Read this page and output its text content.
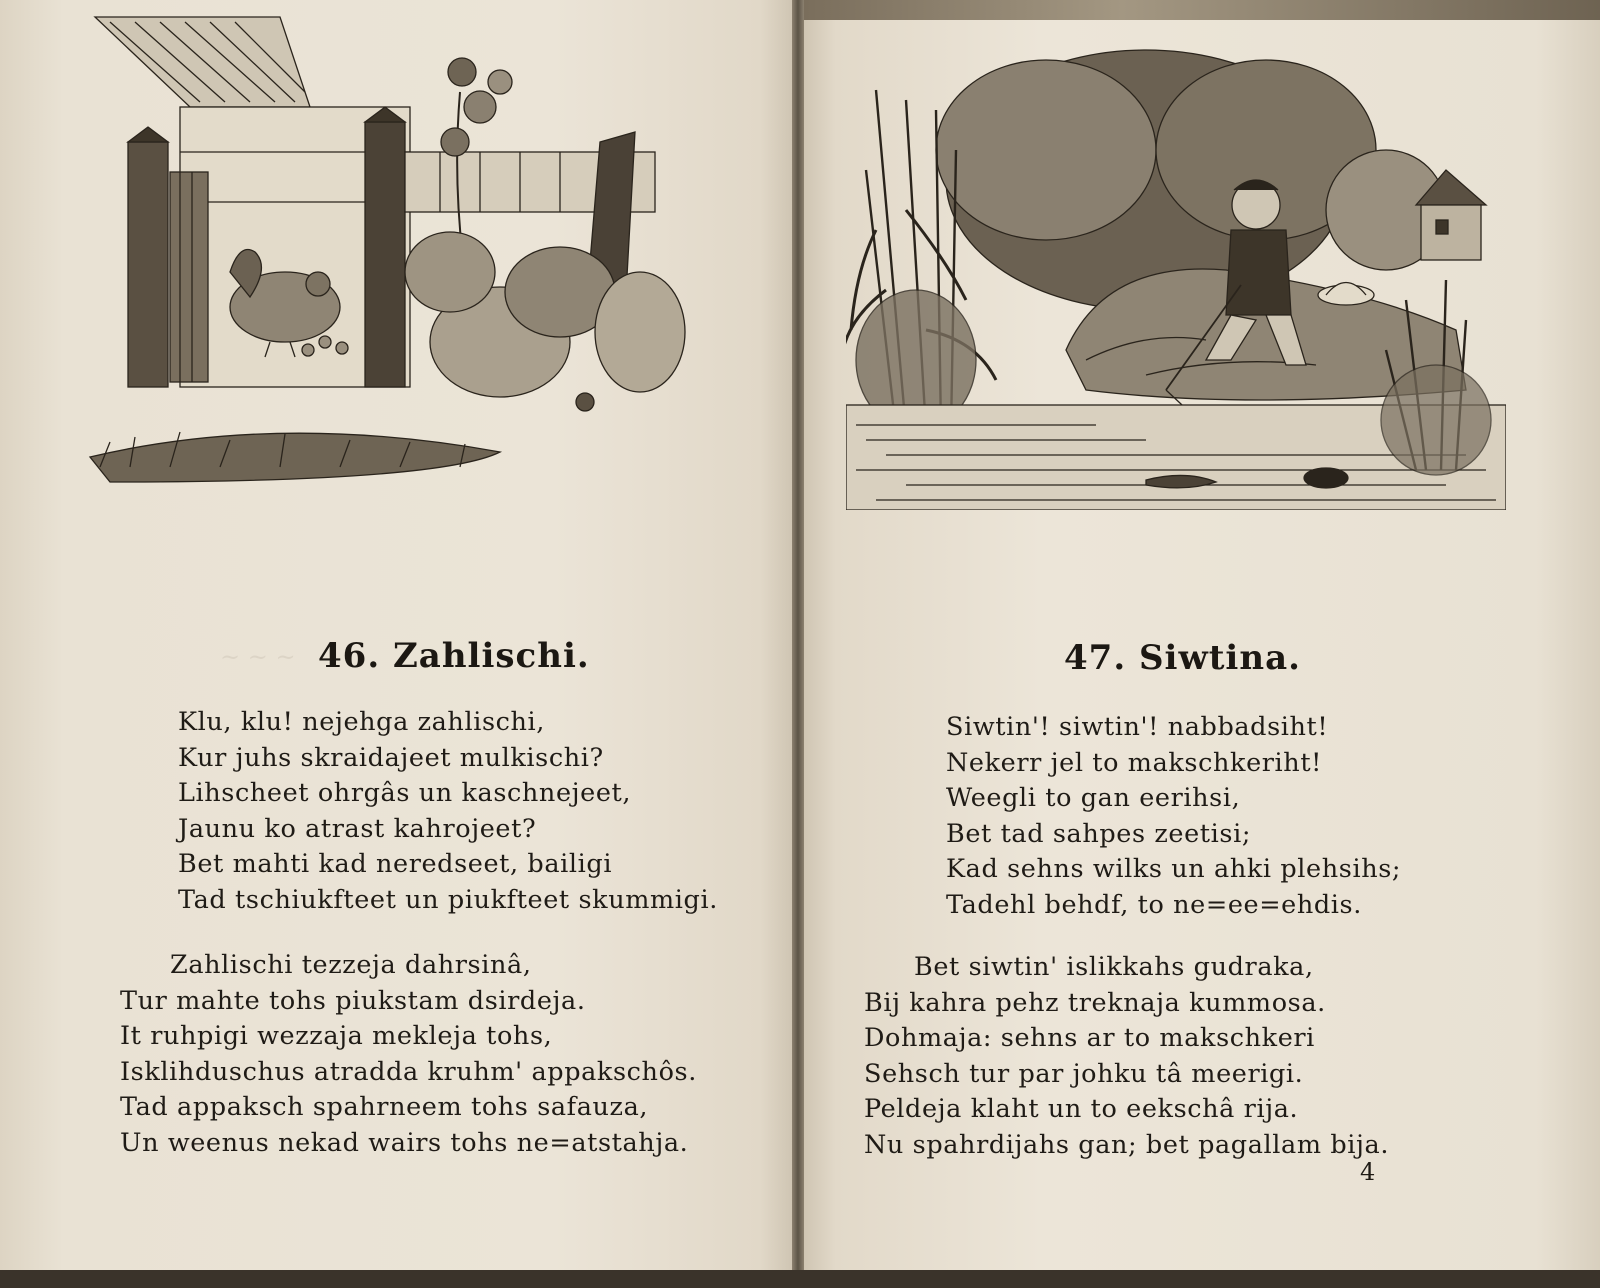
46. Zahlischi.
~ ~ ~
Klu, klu! nejehga zahlischi,
Kur juhs skraidajeet mulkischi?
Lihscheet ohrgâs un kaschnejeet,
Jaunu ko atrast kahrojeet?
Bet mahti kad neredseet, bailigi
Tad tschiukfteet un piukfteet skummigi.
Zahlischi tezzeja dahrsinâ,
Tur mahte tohs piukstam dsirdeja.
It ruhpigi wezzaja mekleja tohs,
Isklihduschus atradda kruhm' appakschôs.
Tad appaksch spahrneem tohs safauza,
Un weenus nekad wairs tohs ne=atstahja.
47. Siwtina.
Siwtin'! siwtin'! nabbadsiht!
Nekerr jel to makschkeriht!
Weegli to gan eerihsi,
Bet tad sahpes zeetisi;
Kad sehns wilks un ahki plehsihs;
Tadehl behdf, to ne=ee=ehdis.
Bet siwtin' islikkahs gudraka,
Bij kahra pehz treknaja kummosa.
Dohmaja: sehns ar to makschkeri
Sehsch tur par johku tâ meerigi.
Peldeja klaht un to eekschâ rija.
Nu spahrdijahs gan; bet pagallam bija.
4
